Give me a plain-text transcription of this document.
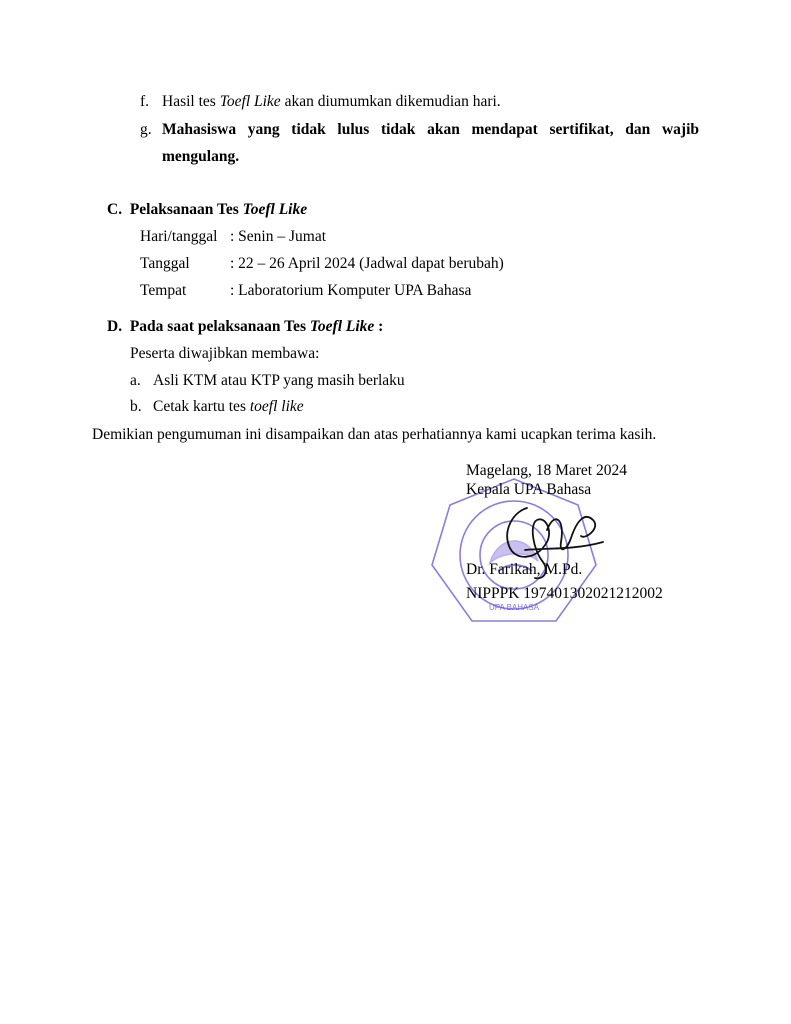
f. Hasil tes Toefl Like akan diumumkan dikemudian hari.
g. Mahasiswa yang tidak lulus tidak akan mendapat sertifikat, dan wajib
mengulang.
C.  Pelaksanaan Tes Toefl Like
Hari/tanggal : Senin – Jumat
Tanggal	: 22 – 26 April 2024 (Jadwal dapat berubah)
Tempat	: Laboratorium Komputer UPA Bahasa
D.  Pada saat pelaksanaan Tes Toefl Like :
Peserta diwajibkan membawa:
a. Asli KTM atau KTP yang masih berlaku
b. Cetak kartu tes toefl like
Demikian pengumuman ini disampaikan dan atas perhatiannya kami ucapkan terima kasih.
UPA BAHASA
Magelang, 18 Maret 2024
Kepala UPA Bahasa
Dr. Farikah, M.Pd.
NIPPPK 197401302021212002
